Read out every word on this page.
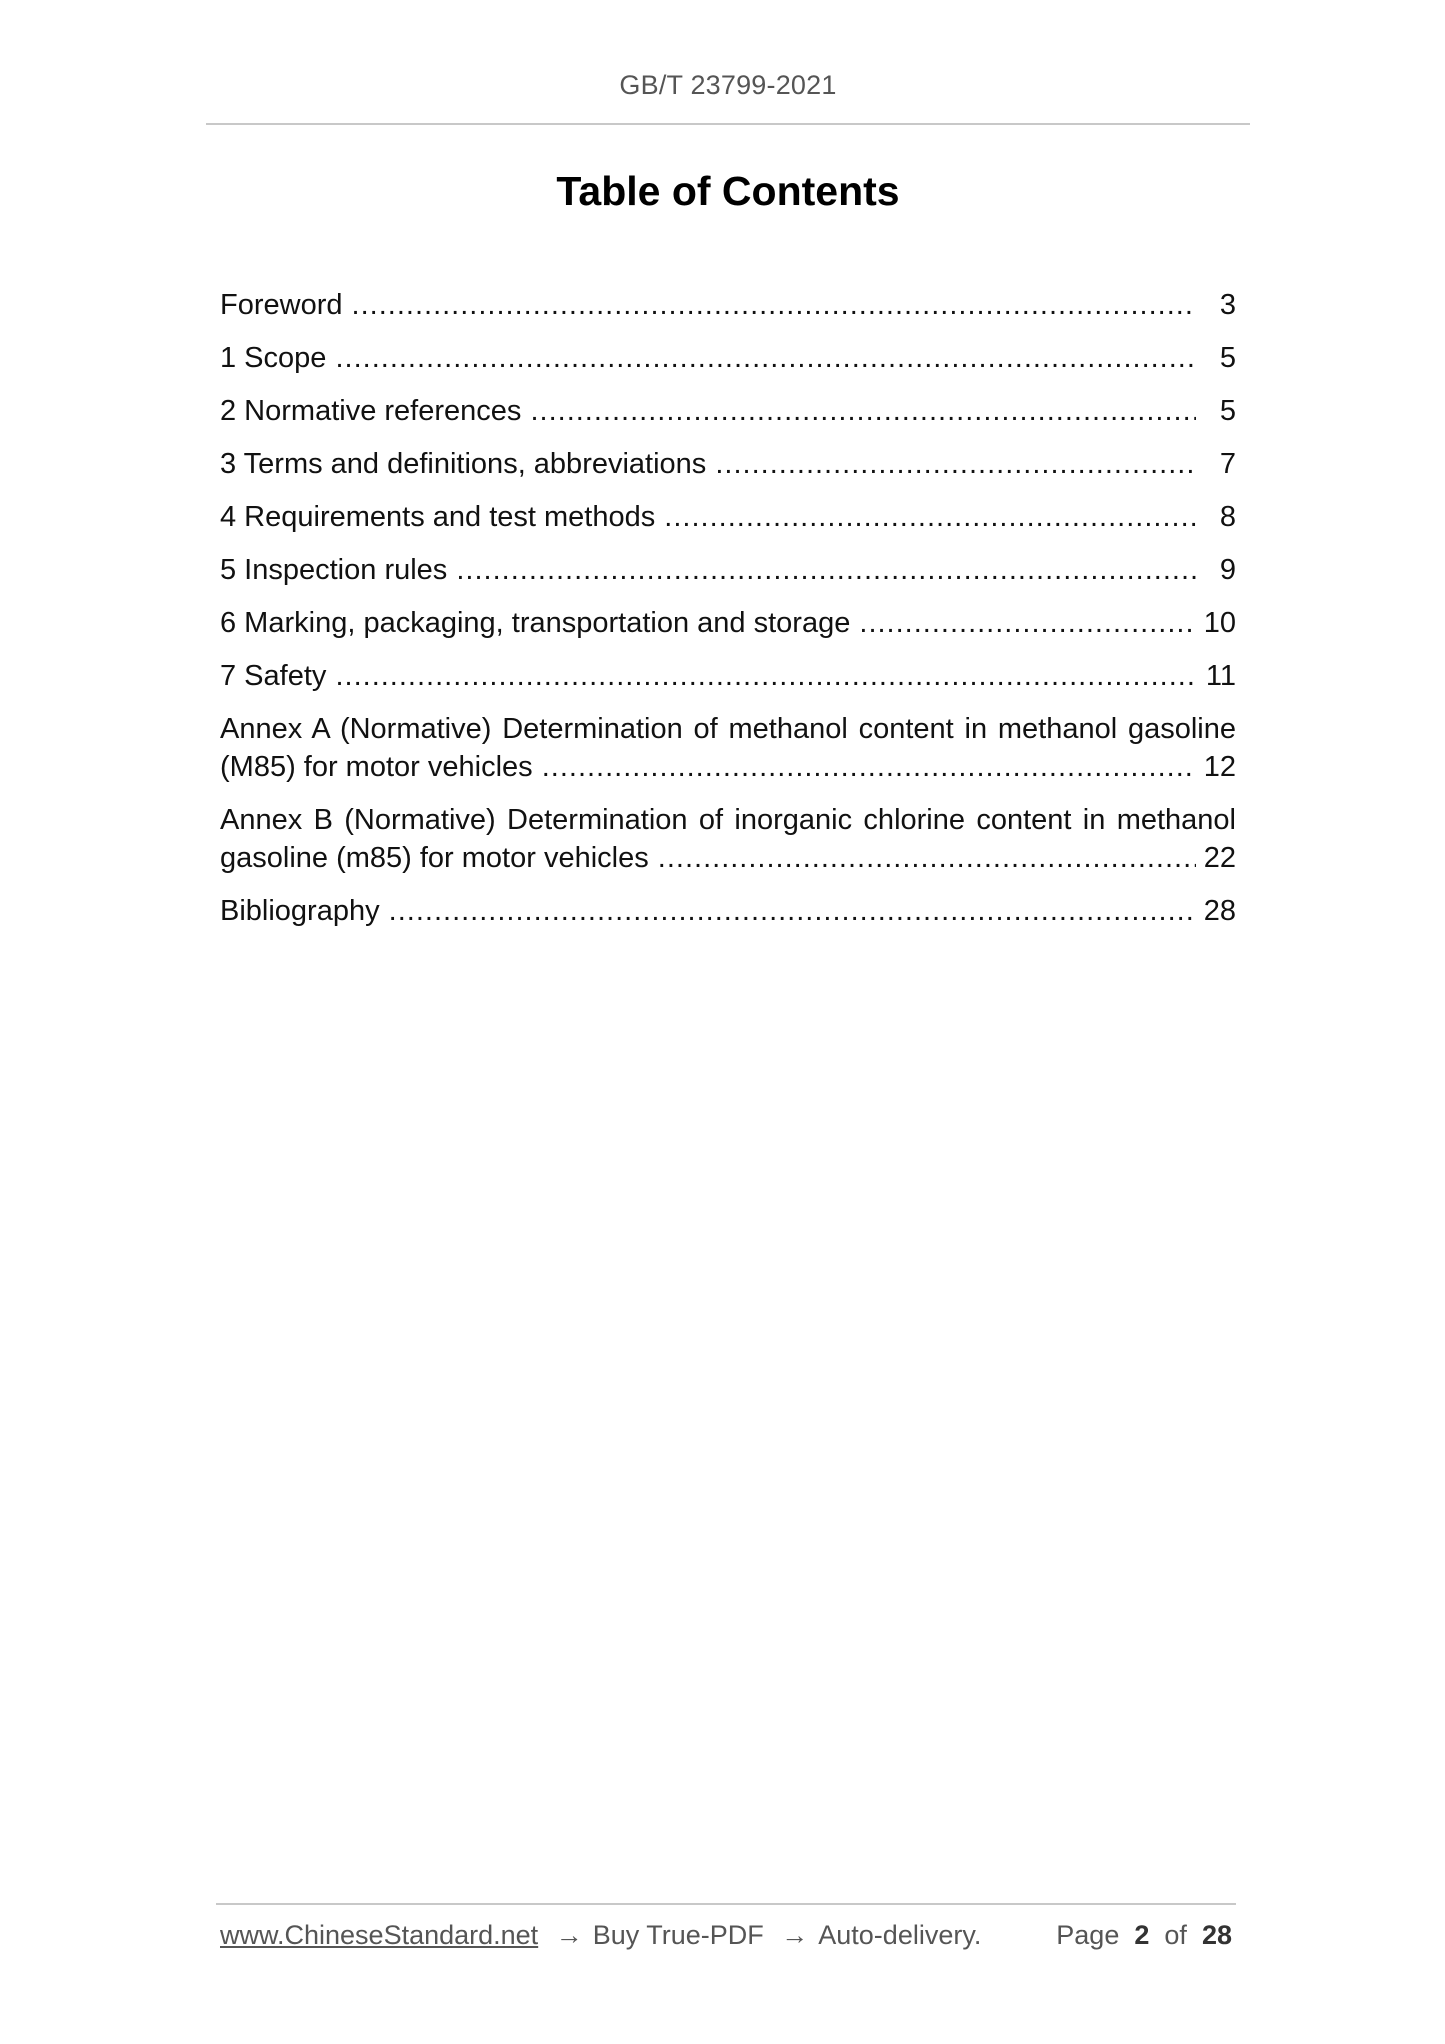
GB/T 23799-2021
Table of Contents
Foreword .....	3
1 Scope .....	5
2 Normative references .....	5
3 Terms and definitions, abbreviations .....	7
4 Requirements and test methods .....	8
5 Inspection rules .....	9
6 Marking, packaging, transportation and storage .....	10
7 Safety .....	11
Annex A (Normative) Determination of methanol content in methanol gasoline
(M85) for motor vehicles .....	12
Annex B (Normative) Determination of inorganic chlorine content in methanol
gasoline (m85) for motor vehicles .....	22
Bibliography .....	28
www.ChineseStandard.net → Buy True-PDF → Auto-delivery.	Page 2 of 28
